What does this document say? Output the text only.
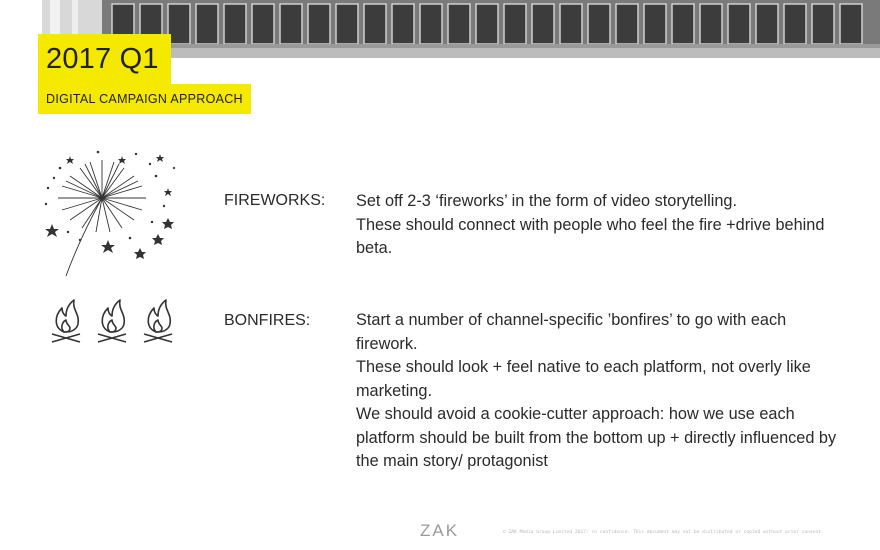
2017 Q1
DIGITAL CAMPAIGN APPROACH
FIREWORKS: Set off 2-3 ‘fireworks’ in the form of video storytelling.

These should connect with people who feel the fire +drive behind beta.

BONFIRES:	Start a number of channel-specific ’bonfires’ to go with each firework.

These should look + feel native to each platform, not overly like marketing.

We should avoid a cookie-cutter approach: how we use each platform should be built from the bottom up + directly influenced by the main story/ protagonist

ZAK	© ZAK Media Group Limited 2017: in confidence. This document may not be distributed or copied without prior consent.
